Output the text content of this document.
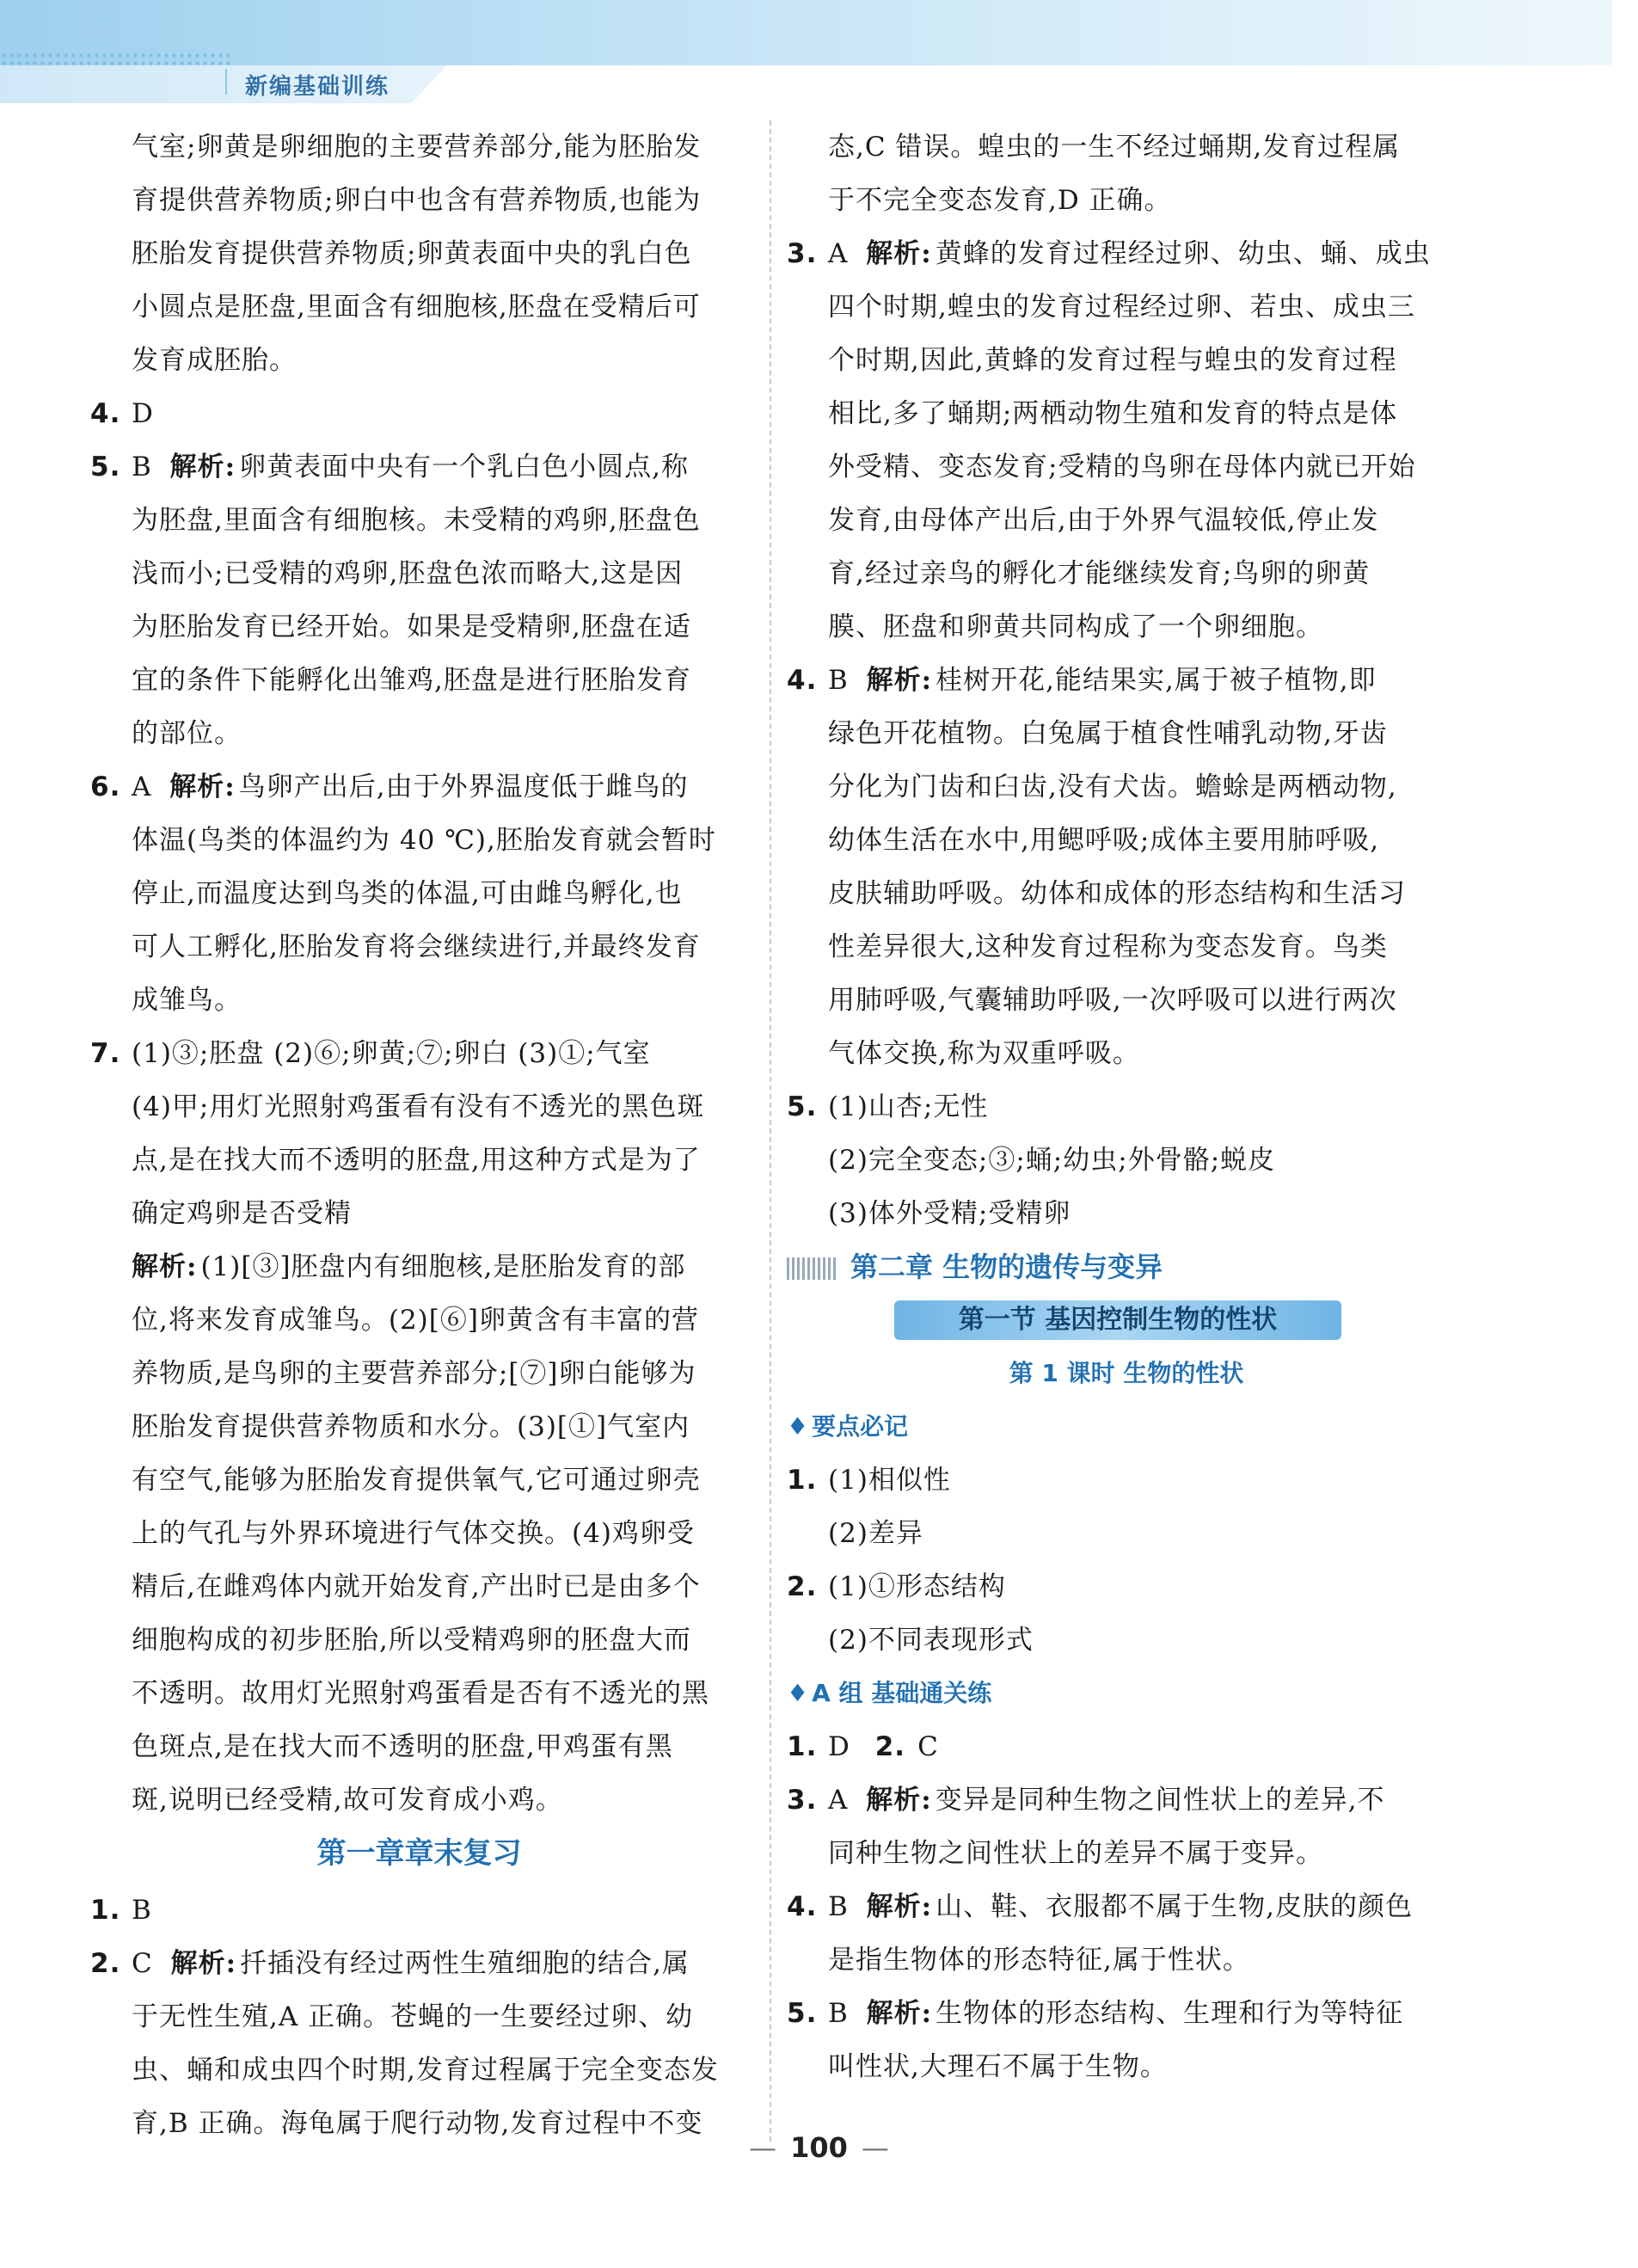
新编基础训练
气室;卵黄是卵细胞的主要营养部分,能为胚胎发
育提供营养物质;卵白中也含有营养物质,也能为
胚胎发育提供营养物质;卵黄表面中央的乳白色
小圆点是胚盘,里面含有细胞核,胚盘在受精后可
发育成胚胎。
4. D
5. B 解析: 卵黄表面中央有一个乳白色小圆点,称
为胚盘,里面含有细胞核。未受精的鸡卵,胚盘色
浅而小;已受精的鸡卵,胚盘色浓而略大,这是因
为胚胎发育已经开始。如果是受精卵,胚盘在适
宜的条件下能孵化出雏鸡,胚盘是进行胚胎发育
的部位。
6. A 解析: 鸟卵产出后,由于外界温度低于雌鸟的
体温(鸟类的体温约为 40 ℃),胚胎发育就会暂时
停止,而温度达到鸟类的体温,可由雌鸟孵化,也
可人工孵化,胚胎发育将会继续进行,并最终发育
成雏鸟。
7. (1)③;胚盘 (2)⑥;卵黄;⑦;卵白 (3)①;气室
(4)甲;用灯光照射鸡蛋看有没有不透光的黑色斑
点,是在找大而不透明的胚盘,用这种方式是为了
确定鸡卵是否受精
解析: (1)[③]胚盘内有细胞核,是胚胎发育的部
位,将来发育成雏鸟。(2)[⑥]卵黄含有丰富的营
养物质,是鸟卵的主要营养部分;[⑦]卵白能够为
胚胎发育提供营养物质和水分。(3)[①]气室内
有空气,能够为胚胎发育提供氧气,它可通过卵壳
上的气孔与外界环境进行气体交换。(4)鸡卵受
精后,在雌鸡体内就开始发育,产出时已是由多个
细胞构成的初步胚胎,所以受精鸡卵的胚盘大而
不透明。故用灯光照射鸡蛋看是否有不透光的黑
色斑点,是在找大而不透明的胚盘,甲鸡蛋有黑
斑,说明已经受精,故可发育成小鸡。
第一章章末复习
1. B
2. C 解析: 扦插没有经过两性生殖细胞的结合,属
于无性生殖,A 正确。苍蝇的一生要经过卵、幼
虫、蛹和成虫四个时期,发育过程属于完全变态发
育,B 正确。海龟属于爬行动物,发育过程中不变
态,C 错误。蝗虫的一生不经过蛹期,发育过程属
于不完全变态发育,D 正确。
3. A 解析: 黄蜂的发育过程经过卵、幼虫、蛹、成虫
四个时期,蝗虫的发育过程经过卵、若虫、成虫三
个时期,因此,黄蜂的发育过程与蝗虫的发育过程
相比,多了蛹期;两栖动物生殖和发育的特点是体
外受精、变态发育;受精的鸟卵在母体内就已开始
发育,由母体产出后,由于外界气温较低,停止发
育,经过亲鸟的孵化才能继续发育;鸟卵的卵黄
膜、胚盘和卵黄共同构成了一个卵细胞。
4. B 解析: 桂树开花,能结果实,属于被子植物,即
绿色开花植物。白兔属于植食性哺乳动物,牙齿
分化为门齿和臼齿,没有犬齿。蟾蜍是两栖动物,
幼体生活在水中,用鳃呼吸;成体主要用肺呼吸,
皮肤辅助呼吸。幼体和成体的形态结构和生活习
性差异很大,这种发育过程称为变态发育。鸟类
用肺呼吸,气囊辅助呼吸,一次呼吸可以进行两次
气体交换,称为双重呼吸。
5. (1)山杏;无性
(2)完全变态;③;蛹;幼虫;外骨骼;蜕皮
(3)体外受精;受精卵
第二章 生物的遗传与变异
第一节 基因控制生物的性状
第 1 课时 生物的性状
♦ 要点必记
1. (1)相似性
(2)差异
2. (1)①形态结构
(2)不同表现形式
♦ A 组 基础通关练
1. D 2. C
3. A 解析: 变异是同种生物之间性状上的差异,不
同种生物之间性状上的差异不属于变异。
4. B 解析: 山、鞋、衣服都不属于生物,皮肤的颜色
是指生物体的形态特征,属于性状。
5. B 解析: 生物体的形态结构、生理和行为等特征
叫性状,大理石不属于生物。
— 100 —
